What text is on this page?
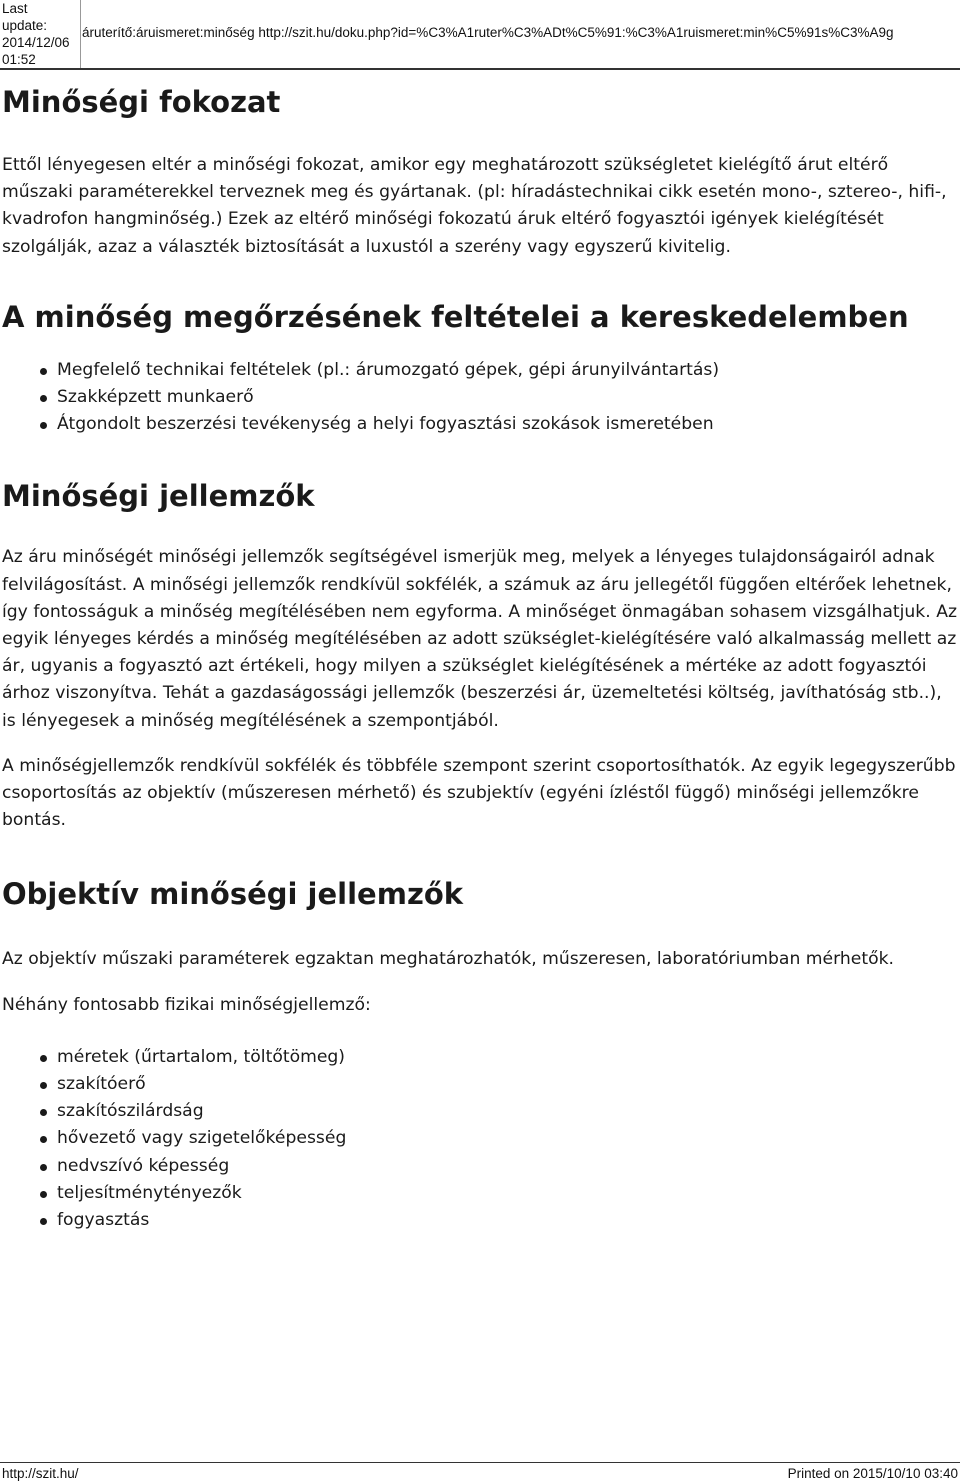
Last
update:
2014/12/06
01:52
áruterítő:áruismeret:minőség http://szit.hu/doku.php?id=%C3%A1ruter%C3%ADt%C5%91:%C3%A1ruismeret:min%C5%91s%C3%A9g
Minőségi fokozat

Ettől lényegesen eltér a minőségi fokozat, amikor egy meghatározott szükségletet kielégítő árut eltérő műszaki paraméterekkel terveznek meg és gyártanak. (pl: híradástechnikai cikk esetén mono-, sztereo-, hifi-, kvadrofon hangminőség.) Ezek az eltérő minőségi fokozatú áruk eltérő fogyasztói igények kielégítését szolgálják, azaz a választék biztosítását a luxustól a szerény vagy egyszerű kivitelig.

A minőség megőrzésének feltételei a kereskedelemben
Megfelelő technikai feltételek (pl.: árumozgató gépek, gépi árunyilvántartás)
Szakképzett munkaerő
Átgondolt beszerzési tevékenység a helyi fogyasztási szokások ismeretében
Minőségi jellemzők

Az áru minőségét minőségi jellemzők segítségével ismerjük meg, melyek a lényeges tulajdonságairól adnak felvilágosítást. A minőségi jellemzők rendkívül sokfélék, a számuk az áru jellegétől függően eltérőek lehetnek, így fontosságuk a minőség megítélésében nem egyforma. A minőséget önmagában sohasem vizsgálhatjuk. Az egyik lényeges kérdés a minőség megítélésében az adott szükséglet-kielégítésére való alkalmasság mellett az ár, ugyanis a fogyasztó azt értékeli, hogy milyen a szükséglet kielégítésének a mértéke az adott fogyasztói árhoz viszonyítva. Tehát a gazdaságossági jellemzők (beszerzési ár, üzemeltetési költség, javíthatóság stb..), is lényegesek a minőség megítélésének a szempontjából.

A minőségjellemzők rendkívül sokfélék és többféle szempont szerint csoportosíthatók. Az egyik legegyszerűbb csoportosítás az objektív (műszeresen mérhető) és szubjektív (egyéni ízléstől függő) minőségi jellemzőkre bontás.

Objektív minőségi jellemzők

Az objektív műszaki paraméterek egzaktan meghatározhatók, műszeresen, laboratóriumban mérhetők.

Néhány fontosabb fizikai minőségjellemző:

méretek (űrtartalom, töltőtömeg)
szakítóerő
szakítószilárdság
hővezető vagy szigetelőképesség
nedvszívó képesség
teljesítménytényezők
fogyasztás
http://szit.hu/	Printed on 2015/10/10 03:40
